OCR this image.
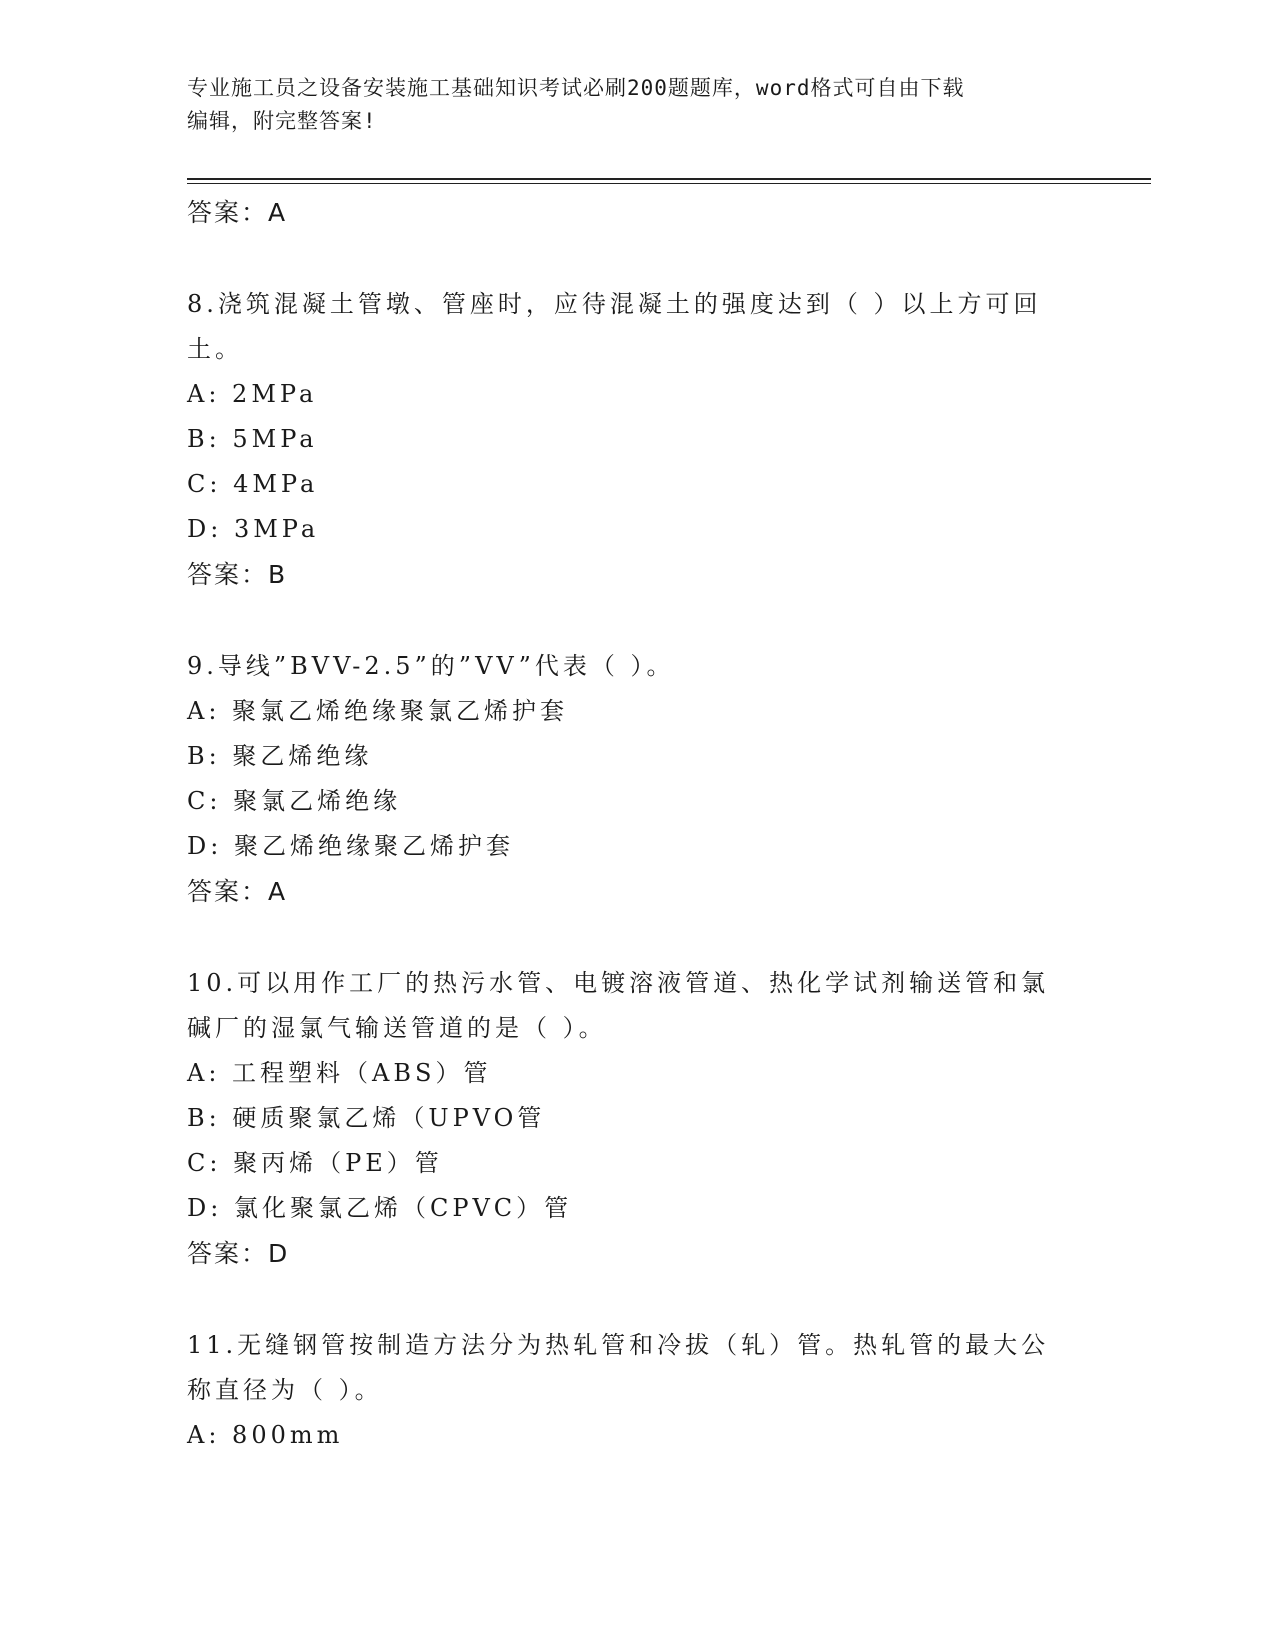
专业施工员之设备安装施工基础知识考试必刷200题题库，word格式可自由下载
编辑，附完整答案!
答案：A
8.浇筑混凝土管墩、管座时，应待混凝土的强度达到（ ）以上方可回
土。
A: 2MPa
B: 5MPa
C: 4MPa
D: 3MPa
答案：B
9.导线”BVV-2.5”的”VV”代表（ ）。
A: 聚氯乙烯绝缘聚氯乙烯护套
B: 聚乙烯绝缘
C: 聚氯乙烯绝缘
D: 聚乙烯绝缘聚乙烯护套
答案：A
10.可以用作工厂的热污水管、电镀溶液管道、热化学试剂输送管和氯
碱厂的湿氯气输送管道的是（ ）。
A: 工程塑料（ABS）管
B: 硬质聚氯乙烯（UPVO管
C: 聚丙烯（PE）管
D: 氯化聚氯乙烯（CPVC）管
答案：D
11.无缝钢管按制造方法分为热轧管和冷拔（轧）管。热轧管的最大公
称直径为（ ）。
A: 800mm
